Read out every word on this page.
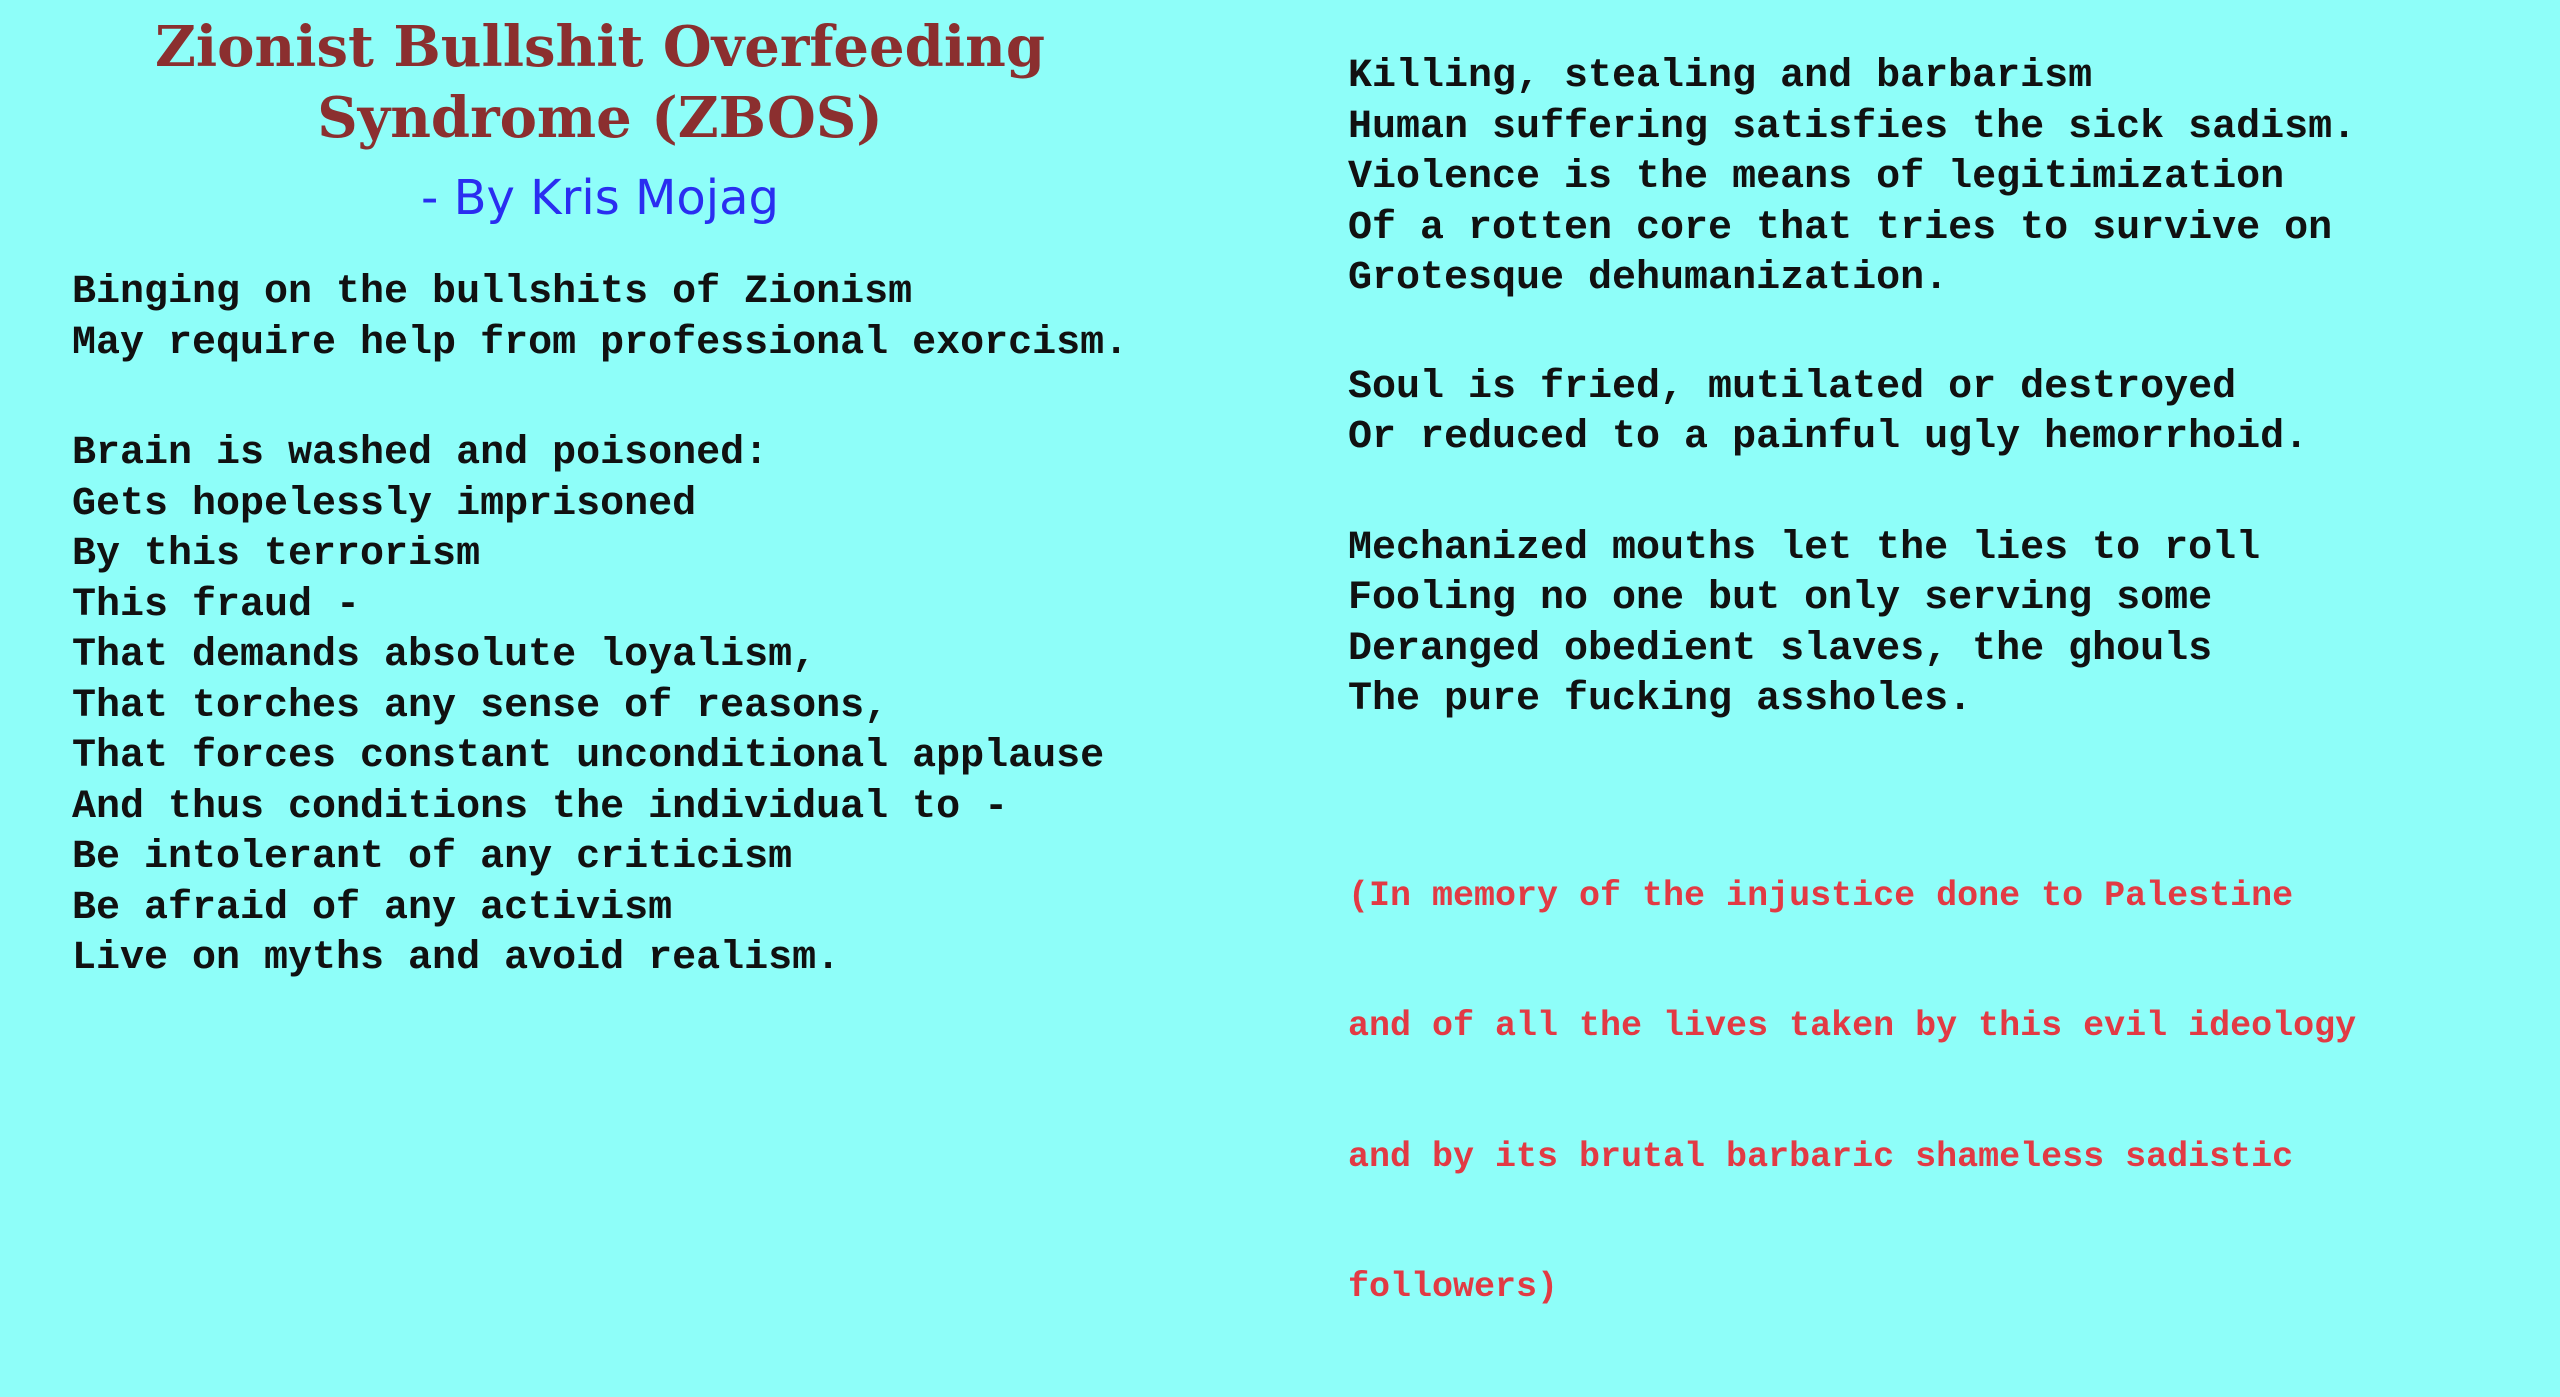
Zionist Bullshit Overfeeding
Syndrome (ZBOS)
- By Kris Mojag
Binging on the bullshits of Zionism
May require help from professional exorcism.
Brain is washed and poisoned:
Gets hopelessly imprisoned
By this terrorism
This fraud -
That demands absolute loyalism,
That torches any sense of reasons,
That forces constant unconditional applause
And thus conditions the individual to -
Be intolerant of any criticism
Be afraid of any activism
Live on myths and avoid realism.
Killing, stealing and barbarism
Human suffering satisfies the sick sadism.
Violence is the means of legitimization
Of a rotten core that tries to survive on
Grotesque dehumanization.
Soul is fried, mutilated or destroyed
Or reduced to a painful ugly hemorrhoid.
Mechanized mouths let the lies to roll
Fooling no one but only serving some
Deranged obedient slaves, the ghouls
The pure fucking assholes.

(In memory of the injustice done to Palestine

and of all the lives taken by this evil ideology

and by its brutal barbaric shameless sadistic

followers)
